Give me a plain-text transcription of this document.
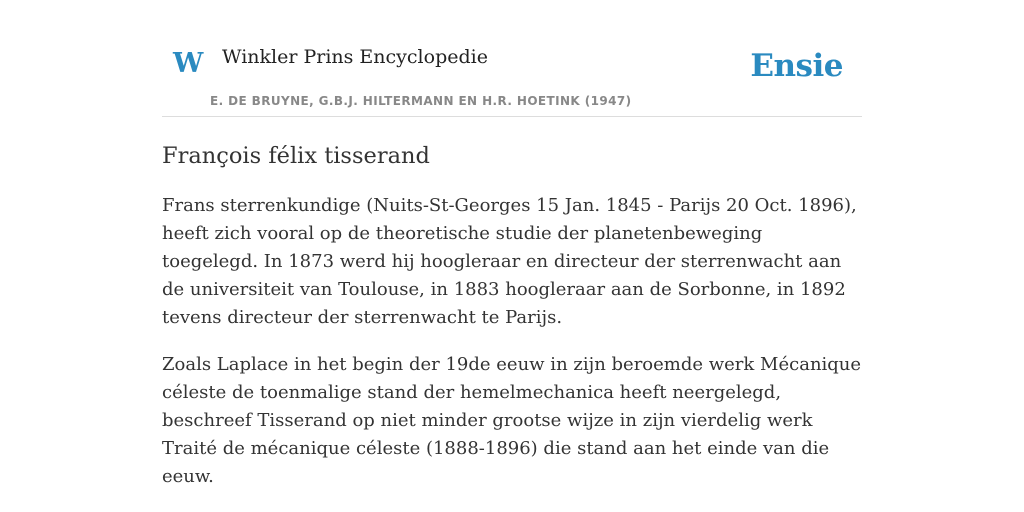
W Winkler Prins Encyclopedie
E. DE BRUYNE, G.B.J. HILTERMANN EN H.R. HOETINK (1947)
Ensie
François félix tisserand

Frans sterrenkundige (Nuits-St-Georges 15 Jan. 1845 - Parijs 20 Oct. 1896), heeft zich vooral op de theoretische studie der planetenbeweging toegelegd. In 1873 werd hij hoogleraar en directeur der sterrenwacht aan de universiteit van Toulouse, in 1883 hoogleraar aan de Sorbonne, in 1892 tevens directeur der sterrenwacht te Parijs.

Zoals Laplace in het begin der 19de eeuw in zijn beroemde werk Mécanique céleste de toenmalige stand der hemelmechanica heeft neergelegd, beschreef Tisserand op niet minder grootse wijze in zijn vierdelig werk Traité de mécanique céleste (1888-1896) die stand aan het einde van die eeuw.
